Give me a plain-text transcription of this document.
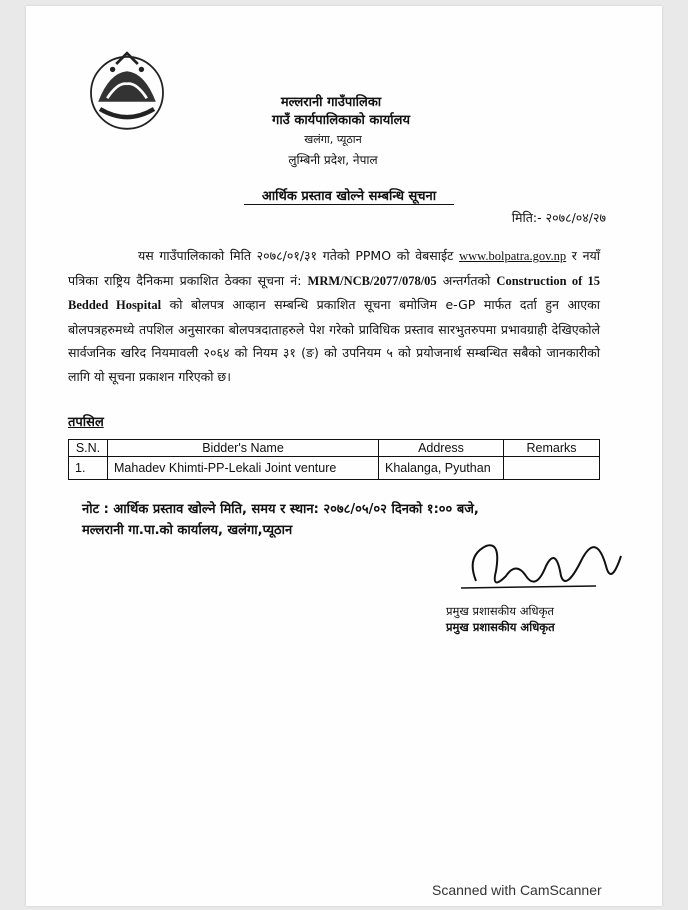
मल्लरानी गाउँपालिका
गाउँ कार्यपालिकाको कार्यालय
खलंगा, प्यूठान
लुम्बिनी प्रदेश, नेपाल
आर्थिक प्रस्ताव खोल्ने सम्बन्धि सूचना
मिति:- २०७८/०४/२७
यस गाउँपालिकाको मिति २०७८/०१/३१ गतेको PPMO को वेबसाईट www.bolpatra.gov.np र नयाँ पत्रिका राष्ट्रिय दैनिकमा प्रकाशित ठेक्का सूचना नं: MRM/NCB/2077/078/05 अन्तर्गतको Construction of 15 Bedded Hospital को बोलपत्र आव्हान सम्बन्धि प्रकाशित सूचना बमोजिम e-GP मार्फत दर्ता हुन आएका बोलपत्रहरुमध्ये तपशिल अनुसारका बोलपत्रदाताहरुले पेश गरेको प्राविधिक प्रस्ताव सारभुतरुपमा प्रभावग्राही देखिएकोले सार्वजनिक खरिद नियमावली २०६४ को नियम ३१ (ङ) को उपनियम ५ को प्रयोजनार्थ सम्बन्धित सबैको जानकारीको लागि यो सूचना प्रकाशन गरिएको छ।
तपसिल
S.N.	Bidder's Name	Address	Remarks
1.	Mahadev Khimti-PP-Lekali Joint venture	Khalanga, Pyuthan	
नोट : आर्थिक प्रस्ताव खोल्ने मिति, समय र स्थान: २०७८/०५/०२ दिनको १:०० बजे,
मल्लरानी गा.पा.को कार्यालय, खलंगा,प्यूठान
प्रमुख प्रशासकीय अधिकृत
प्रमुख प्रशासकीय अधिकृत
Scanned with CamScanner
